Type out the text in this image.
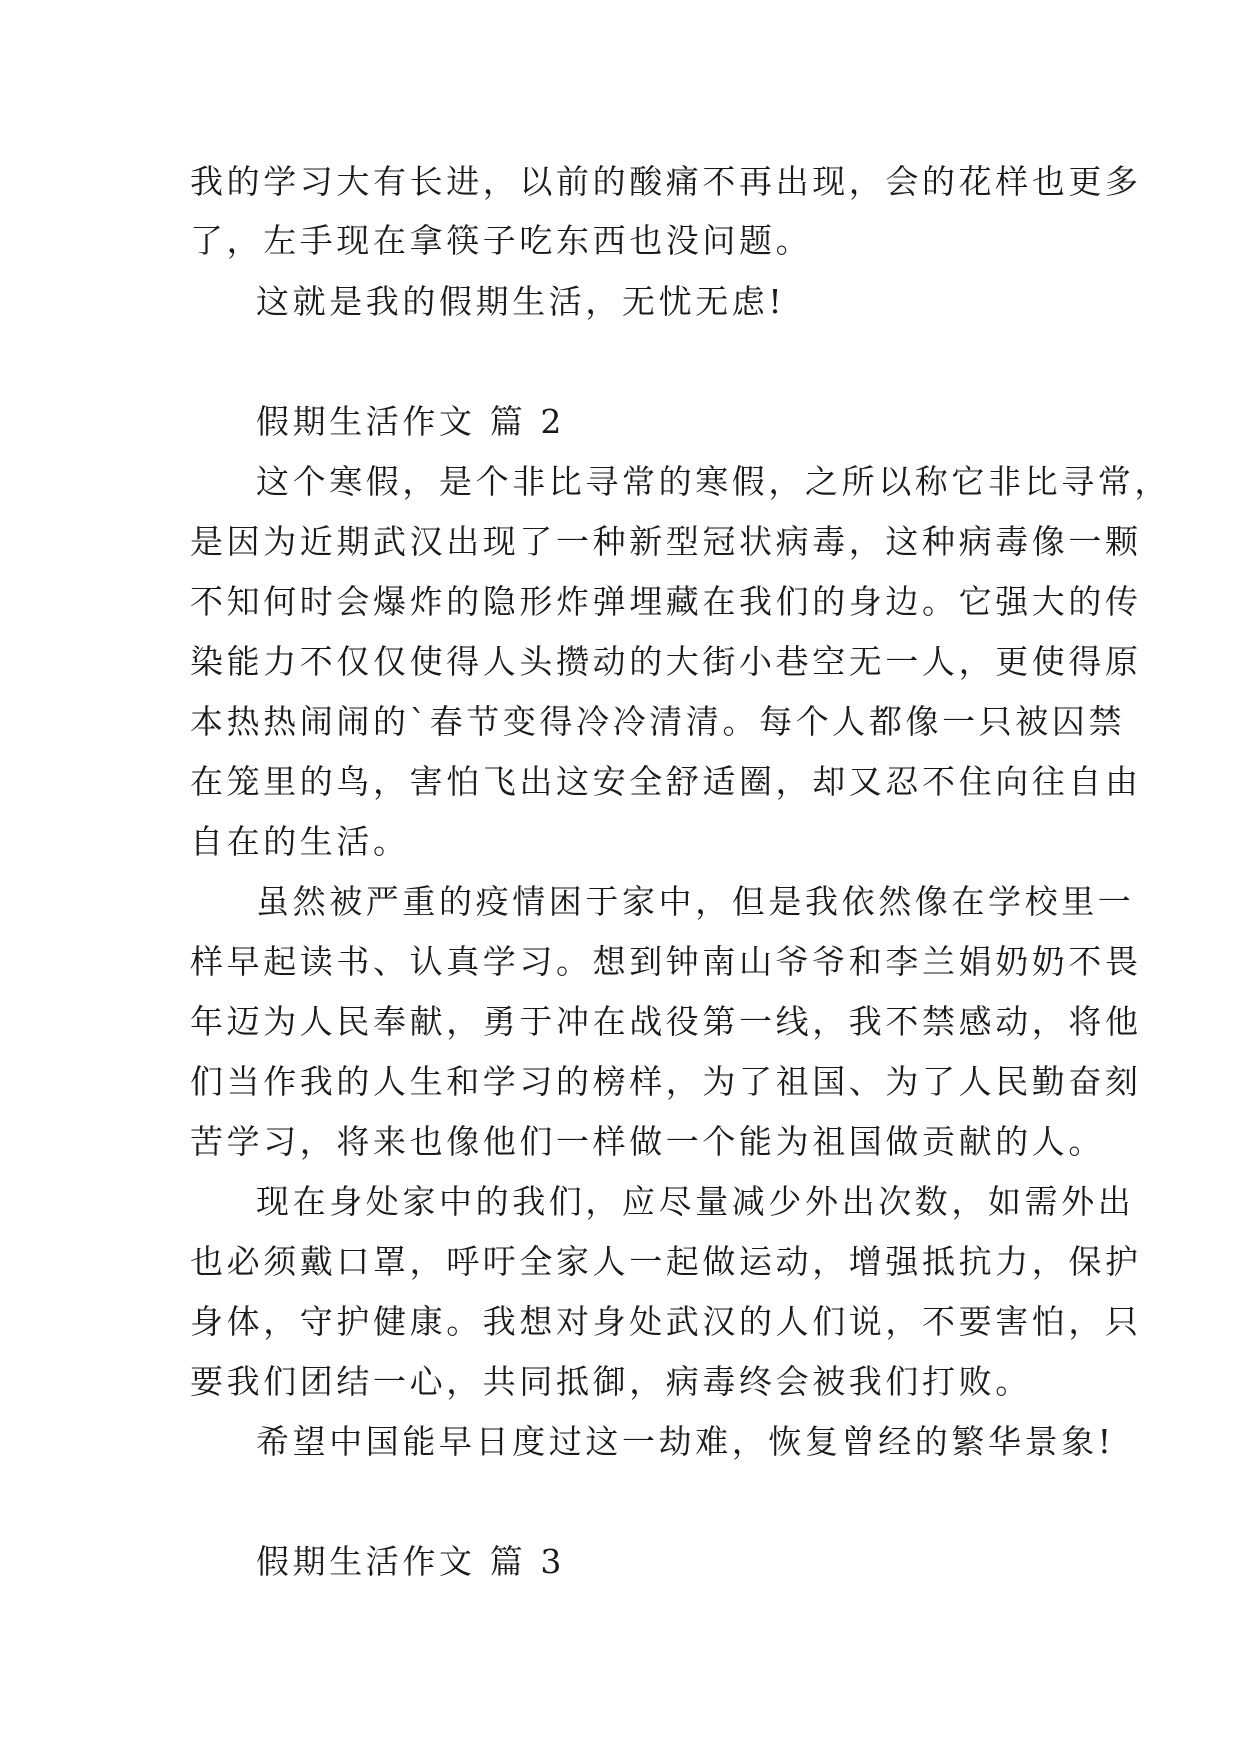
我的学习大有长进，以前的酸痛不再出现，会的花样也更多
了，左手现在拿筷子吃东西也没问题。
这就是我的假期生活，无忧无虑!
假期生活作文 篇 2
这个寒假，是个非比寻常的寒假，之所以称它非比寻常，
是因为近期武汉出现了一种新型冠状病毒，这种病毒像一颗
不知何时会爆炸的隐形炸弹埋藏在我们的身边。它强大的传
染能力不仅仅使得人头攒动的大街小巷空无一人，更使得原
本热热闹闹的`春节变得冷冷清清。每个人都像一只被囚禁
在笼里的鸟，害怕飞出这安全舒适圈，却又忍不住向往自由
自在的生活。
虽然被严重的疫情困于家中，但是我依然像在学校里一
样早起读书、认真学习。想到钟南山爷爷和李兰娟奶奶不畏
年迈为人民奉献，勇于冲在战役第一线，我不禁感动，将他
们当作我的人生和学习的榜样，为了祖国、为了人民勤奋刻
苦学习，将来也像他们一样做一个能为祖国做贡献的人。
现在身处家中的我们，应尽量减少外出次数，如需外出
也必须戴口罩，呼吁全家人一起做运动，增强抵抗力，保护
身体，守护健康。我想对身处武汉的人们说，不要害怕，只
要我们团结一心，共同抵御，病毒终会被我们打败。
希望中国能早日度过这一劫难，恢复曾经的繁华景象!
假期生活作文 篇 3
